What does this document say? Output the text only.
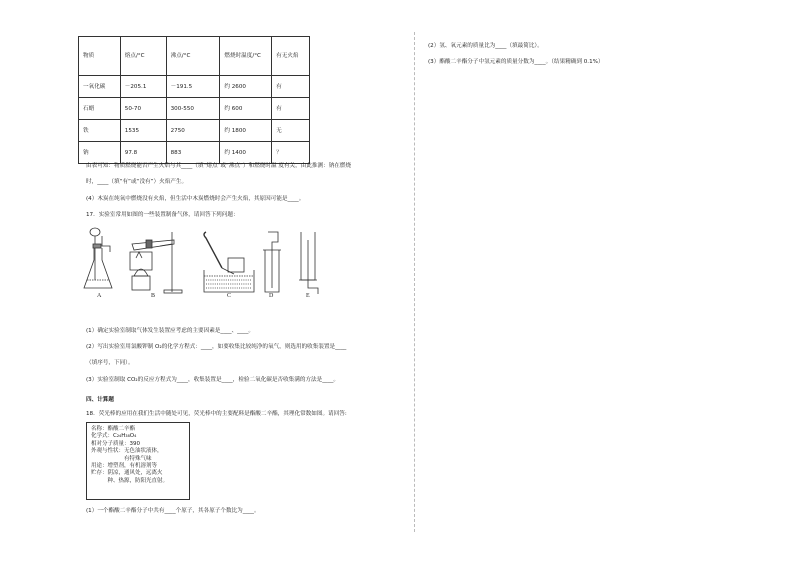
物质	熔点/°C	沸点/°C	燃烧时温度/°C	有无火焰
一氧化碳	－205.1	－191.5	约 2600	有
石蜡	50-70	300-550	约 600	有
铁	1535	2750	约 1800	无
钠	97.8	883	约 1400	？
由表可知：物质燃烧能否产生火焰与其____（填“熔点”或“沸点”）和燃烧时温 度有关，由此推测：钠在燃烧
时，____（填“有”或“没有”）火焰产生。
(4）木炭在纯氧中燃烧没有火焰，但生活中木炭燃烧时会产生火焰，其原因可能是____。
17．实验室常用如图的一些装置制备气体，请回答下列问题：
A	B	C	D	E
(1）确定实验室制取气体发生装置应考虑的主要因素是____、____。
(2）写出实验室用氯酸钾制 O₂的化学方程式：____，如要收集比较纯净的氧气，则选用的收集装置是____
（填序号，下同）。
(3）实验室制取 CO₂的反应方程式为____，收集装置是____，检验二氧化碳是否收集满的方法是____。
四、计算题
18．荧光棒的应用在我们生活中随处可见，荧光棒中的主要配料是酯酸二辛酯，其理化常数如图。请回答:
名称：酯酸二辛酯
化学式：C₂₄H₃₈O₄
相对分子质量：390
外观与性状：无色油状液体，
　　　　　　有特殊气味
用途：增塑剂，有机溶剂等
贮存：阴凉，通风处，远离火
　　　种、热源，防阳光直射。
(1）一个酯酸二辛酯分子中共有____个原子，其各原子个数比为____。
(2）氢、氧元素的质量比为____（填最简比）。
(3）酯酸二辛酯分子中氢元素的质量分数为____。（结果精确到 0.1%）
